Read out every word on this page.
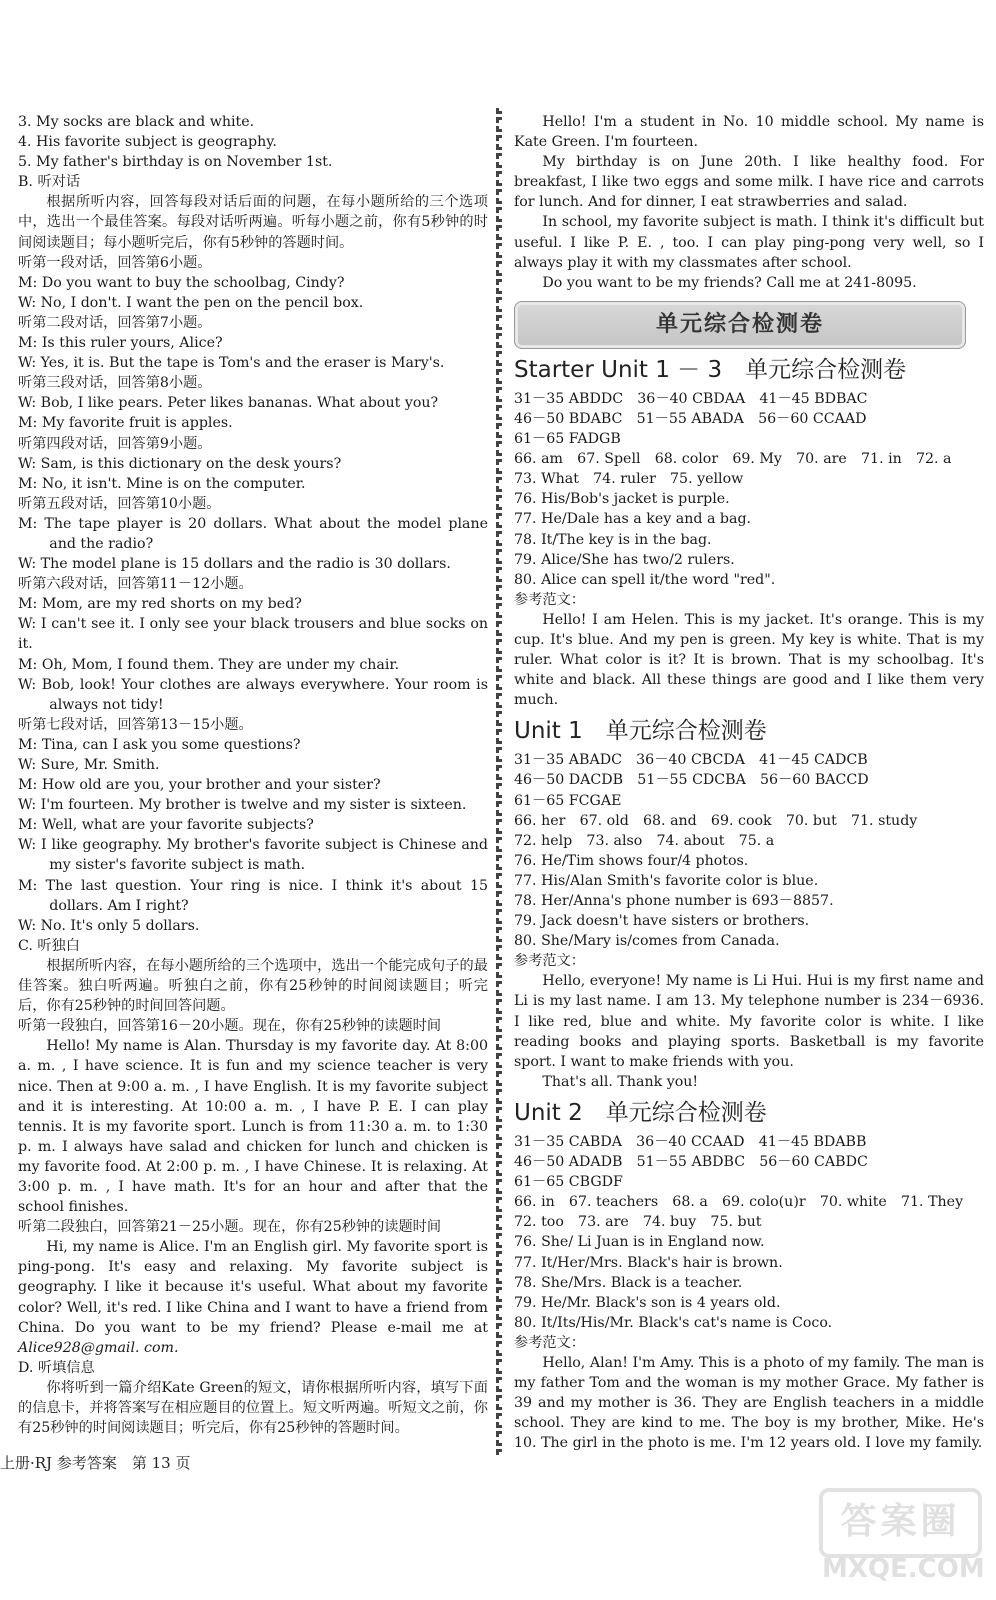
3. My socks are black and white.

4. His favorite subject is geography.

5. My father's birthday is on November 1st.

B. 听对话

根据所听内容，回答每段对话后面的问题，在每小题所给的三个选项中，选出一个最佳答案。每段对话听两遍。听每小题之前，你有5秒钟的时间阅读题目；每小题听完后，你有5秒钟的答题时间。

听第一段对话，回答第6小题。

M: Do you want to buy the schoolbag, Cindy?

W: No, I don't. I want the pen on the pencil box.

听第二段对话，回答第7小题。

M: Is this ruler yours, Alice?

W: Yes, it is. But the tape is Tom's and the eraser is Mary's.

听第三段对话，回答第8小题。

W: Bob, I like pears. Peter likes bananas. What about you?

M: My favorite fruit is apples.

听第四段对话，回答第9小题。

W: Sam, is this dictionary on the desk yours?

M: No, it isn't. Mine is on the computer.

听第五段对话，回答第10小题。

M: The tape player is 20 dollars. What about the model plane and the radio?

W: The model plane is 15 dollars and the radio is 30 dollars.

听第六段对话，回答第11－12小题。

M: Mom, are my red shorts on my bed?

W: I can't see it. I only see your black trousers and blue socks on it.

M: Oh, Mom, I found them. They are under my chair.

W: Bob, look! Your clothes are always everywhere. Your room is always not tidy!

听第七段对话，回答第13－15小题。

M: Tina, can I ask you some questions?

W: Sure, Mr. Smith.

M: How old are you, your brother and your sister?

W: I'm fourteen. My brother is twelve and my sister is sixteen.

M: Well, what are your favorite subjects?

W: I like geography. My brother's favorite subject is Chinese and my sister's favorite subject is math.

M: The last question. Your ring is nice. I think it's about 15 dollars. Am I right?

W: No. It's only 5 dollars.

C. 听独白

根据所听内容，在每小题所给的三个选项中，选出一个能完成句子的最佳答案。独白听两遍。听独白之前，你有25秒钟的时间阅读题目；听完后，你有25秒钟的时间回答问题。

听第一段独白，回答第16－20小题。现在，你有25秒钟的读题时间

Hello! My name is Alan. Thursday is my favorite day. At 8:00 a. m. , I have science. It is fun and my science teacher is very nice. Then at 9:00 a. m. , I have English. It is my favorite subject and it is interesting. At 10:00 a. m. , I have P. E. I can play tennis. It is my favorite sport. Lunch is from 11:30 a. m. to 1:30 p. m. I always have salad and chicken for lunch and chicken is my favorite food. At 2:00 p. m. , I have Chinese. It is relaxing. At 3:00 p. m. , I have math. It's for an hour and after that the school finishes.

听第二段独白，回答第21－25小题。现在，你有25秒钟的读题时间

Hi, my name is Alice. I'm an English girl. My favorite sport is ping-pong. It's easy and relaxing. My favorite subject is geography. I like it because it's useful. What about my favorite color? Well, it's red. I like China and I want to have a friend from China. Do you want to be my friend? Please e-mail me at Alice928@gmail. com.

D. 听填信息

你将听到一篇介绍Kate Green的短文，请你根据所听内容，填写下面的信息卡，并将答案写在相应题目的位置上。短文听两遍。听短文之前，你有25秒钟的时间阅读题目；听完后，你有25秒钟的答题时间。

Hello! I'm a student in No. 10 middle school. My name is Kate Green. I'm fourteen.

My birthday is on June 20th. I like healthy food. For breakfast, I like two eggs and some milk. I have rice and carrots for lunch. And for dinner, I eat strawberries and salad.

In school, my favorite subject is math. I think it's difficult but useful. I like P. E. , too. I can play ping-pong very well, so I always play it with my classmates after school.

Do you want to be my friends? Call me at 241-8095.

单元综合检测卷

Starter Unit 1 － 3　单元综合检测卷

31－35 ABDDC　36－40 CBDAA　41－45 BDBAC

46－50 BDABC　51－55 ABADA　56－60 CCAAD

61－65 FADGB

66. am　67. Spell　68. color　69. My　70. are　71. in　72. a

73. What　74. ruler　75. yellow

76. His/Bob's jacket is purple.

77. He/Dale has a key and a bag.

78. It/The key is in the bag.

79. Alice/She has two/2 rulers.

80. Alice can spell it/the word "red".

参考范文：

Hello! I am Helen. This is my jacket. It's orange. This is my cup. It's blue. And my pen is green. My key is white. That is my ruler. What color is it? It is brown. That is my schoolbag. It's white and black. All these things are good and I like them very much.

Unit 1　单元综合检测卷

31－35 ABADC　36－40 CBCDA　41－45 CADCB

46－50 DACDB　51－55 CDCBA　56－60 BACCD

61－65 FCGAE

66. her　67. old　68. and　69. cook　70. but　71. study

72. help　73. also　74. about　75. a

76. He/Tim shows four/4 photos.

77. His/Alan Smith's favorite color is blue.

78. Her/Anna's phone number is 693－8857.

79. Jack doesn't have sisters or brothers.

80. She/Mary is/comes from Canada.

参考范文：

Hello, everyone! My name is Li Hui. Hui is my first name and Li is my last name. I am 13. My telephone number is 234－6936. I like red, blue and white. My favorite color is white. I like reading books and playing sports. Basketball is my favorite sport. I want to make friends with you.

That's all. Thank you!

Unit 2　单元综合检测卷

31－35 CABDA　36－40 CCAAD　41－45 BDABB

46－50 ADADB　51－55 ABDBC　56－60 CABDC

61－65 CBGDF

66. in　67. teachers　68. a　69. colo(u)r　70. white　71. They

72. too　73. are　74. buy　75. but

76. She/ Li Juan is in England now.

77. It/Her/Mrs. Black's hair is brown.

78. She/Mrs. Black is a teacher.

79. He/Mr. Black's son is 4 years old.

80. It/Its/His/Mr. Black's cat's name is Coco.

参考范文：

Hello, Alan! I'm Amy. This is a photo of my family. The man is my father Tom and the woman is my mother Grace. My father is 39 and my mother is 36. They are English teachers in a middle school. They are kind to me. The boy is my brother, Mike. He's 10. The girl in the photo is me. I'm 12 years old. I love my family.

上册·RJ 参考答案　第 13 页
答案圈
MXQE.COM
